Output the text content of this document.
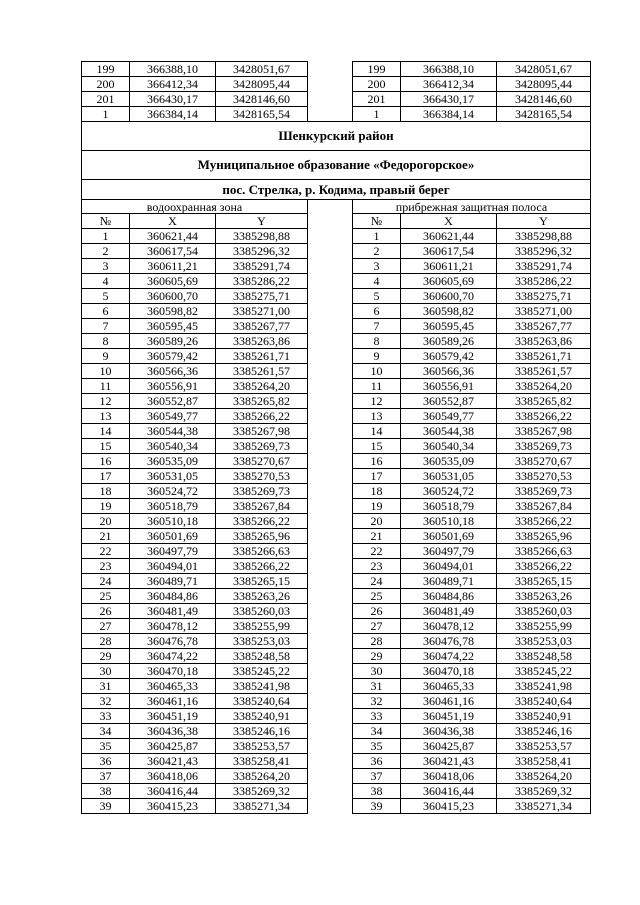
199	366388,10	3428051,67		199	366388,10	3428051,67
200	366412,34	3428095,44		200	366412,34	3428095,44
201	366430,17	3428146,60		201	366430,17	3428146,60
1	366384,14	3428165,54		1	366384,14	3428165,54
Шенкурский район						
Муниципальное образование «Федорогорское»						
пос. Стрелка, р. Кодима, правый берег						
водоохранная зона				прибрежная защитная полоса		
№	X	Y		№	X	Y
1	360621,44	3385298,88		1	360621,44	3385298,88
2	360617,54	3385296,32		2	360617,54	3385296,32
3	360611,21	3385291,74		3	360611,21	3385291,74
4	360605,69	3385286,22		4	360605,69	3385286,22
5	360600,70	3385275,71		5	360600,70	3385275,71
6	360598,82	3385271,00		6	360598,82	3385271,00
7	360595,45	3385267,77		7	360595,45	3385267,77
8	360589,26	3385263,86		8	360589,26	3385263,86
9	360579,42	3385261,71		9	360579,42	3385261,71
10	360566,36	3385261,57		10	360566,36	3385261,57
11	360556,91	3385264,20		11	360556,91	3385264,20
12	360552,87	3385265,82		12	360552,87	3385265,82
13	360549,77	3385266,22		13	360549,77	3385266,22
14	360544,38	3385267,98		14	360544,38	3385267,98
15	360540,34	3385269,73		15	360540,34	3385269,73
16	360535,09	3385270,67		16	360535,09	3385270,67
17	360531,05	3385270,53		17	360531,05	3385270,53
18	360524,72	3385269,73		18	360524,72	3385269,73
19	360518,79	3385267,84		19	360518,79	3385267,84
20	360510,18	3385266,22		20	360510,18	3385266,22
21	360501,69	3385265,96		21	360501,69	3385265,96
22	360497,79	3385266,63		22	360497,79	3385266,63
23	360494,01	3385266,22		23	360494,01	3385266,22
24	360489,71	3385265,15		24	360489,71	3385265,15
25	360484,86	3385263,26		25	360484,86	3385263,26
26	360481,49	3385260,03		26	360481,49	3385260,03
27	360478,12	3385255,99		27	360478,12	3385255,99
28	360476,78	3385253,03		28	360476,78	3385253,03
29	360474,22	3385248,58		29	360474,22	3385248,58
30	360470,18	3385245,22		30	360470,18	3385245,22
31	360465,33	3385241,98		31	360465,33	3385241,98
32	360461,16	3385240,64		32	360461,16	3385240,64
33	360451,19	3385240,91		33	360451,19	3385240,91
34	360436,38	3385246,16		34	360436,38	3385246,16
35	360425,87	3385253,57		35	360425,87	3385253,57
36	360421,43	3385258,41		36	360421,43	3385258,41
37	360418,06	3385264,20		37	360418,06	3385264,20
38	360416,44	3385269,32		38	360416,44	3385269,32
39	360415,23	3385271,34		39	360415,23	3385271,34
